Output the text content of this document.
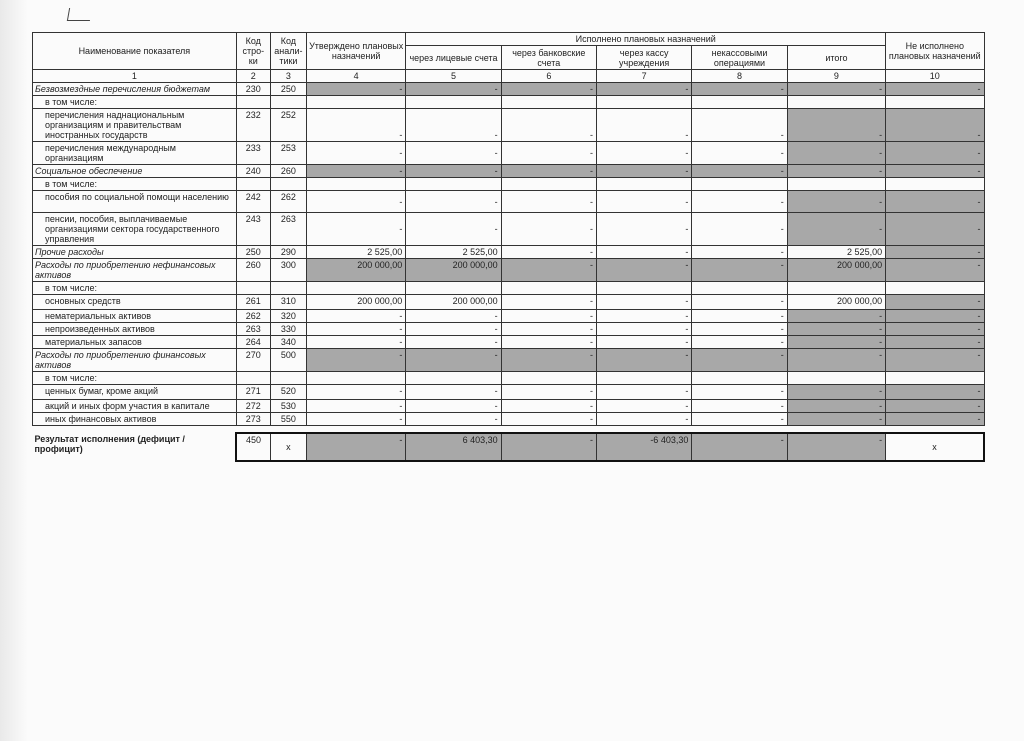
Наименование показателя	Код стро-ки	Код анали-тики	Утверждено плановых назначений	Исполнено плановых назначений					Не исполнено плановых назначений
				через лицевые счета	через банковские счета	через кассу учреждения	некассовыми операциями	итого	
1	2	3	4	5	6	7	8	9	10
Безвозмездные перечисления бюджетам	230	250	-	-	-	-	-	-	-
в том числе:									
перечисления наднациональным организациям и правительствам иностранных государств	232	252	-	-	-	-	-	-	-
перечисления международным организациям	233	253	-	-	-	-	-	-	-
Социальное обеспечение	240	260	-	-	-	-	-	-	-
в том числе:									
пособия по социальной помощи населению	242	262	-	-	-	-	-	-	-
пенсии, пособия, выплачиваемые организациями сектора государственного управления	243	263	-	-	-	-	-	-	-
Прочие расходы	250	290	2 525,00	2 525,00	-	-	-	2 525,00	-
Расходы по приобретению нефинансовых активов	260	300	200 000,00	200 000,00	-	-	-	200 000,00	-
в том числе:									
основных средств	261	310	200 000,00	200 000,00	-	-	-	200 000,00	-
нематериальных активов	262	320	-	-	-	-	-	-	-
непроизведенных активов	263	330	-	-	-	-	-	-	-
материальных запасов	264	340	-	-	-	-	-	-	-
Расходы по приобретению финансовых активов	270	500	-	-	-	-	-	-	-
в том числе:									
ценных бумаг, кроме акций	271	520	-	-	-	-	-	-	-
акций и иных форм участия в капитале	272	530	-	-	-	-	-	-	-
иных финансовых активов	273	550	-	-	-	-	-	-	-

Результат исполнения (дефицит / профицит)	450	x	-	6 403,30	-	-6 403,30	-	-	x
